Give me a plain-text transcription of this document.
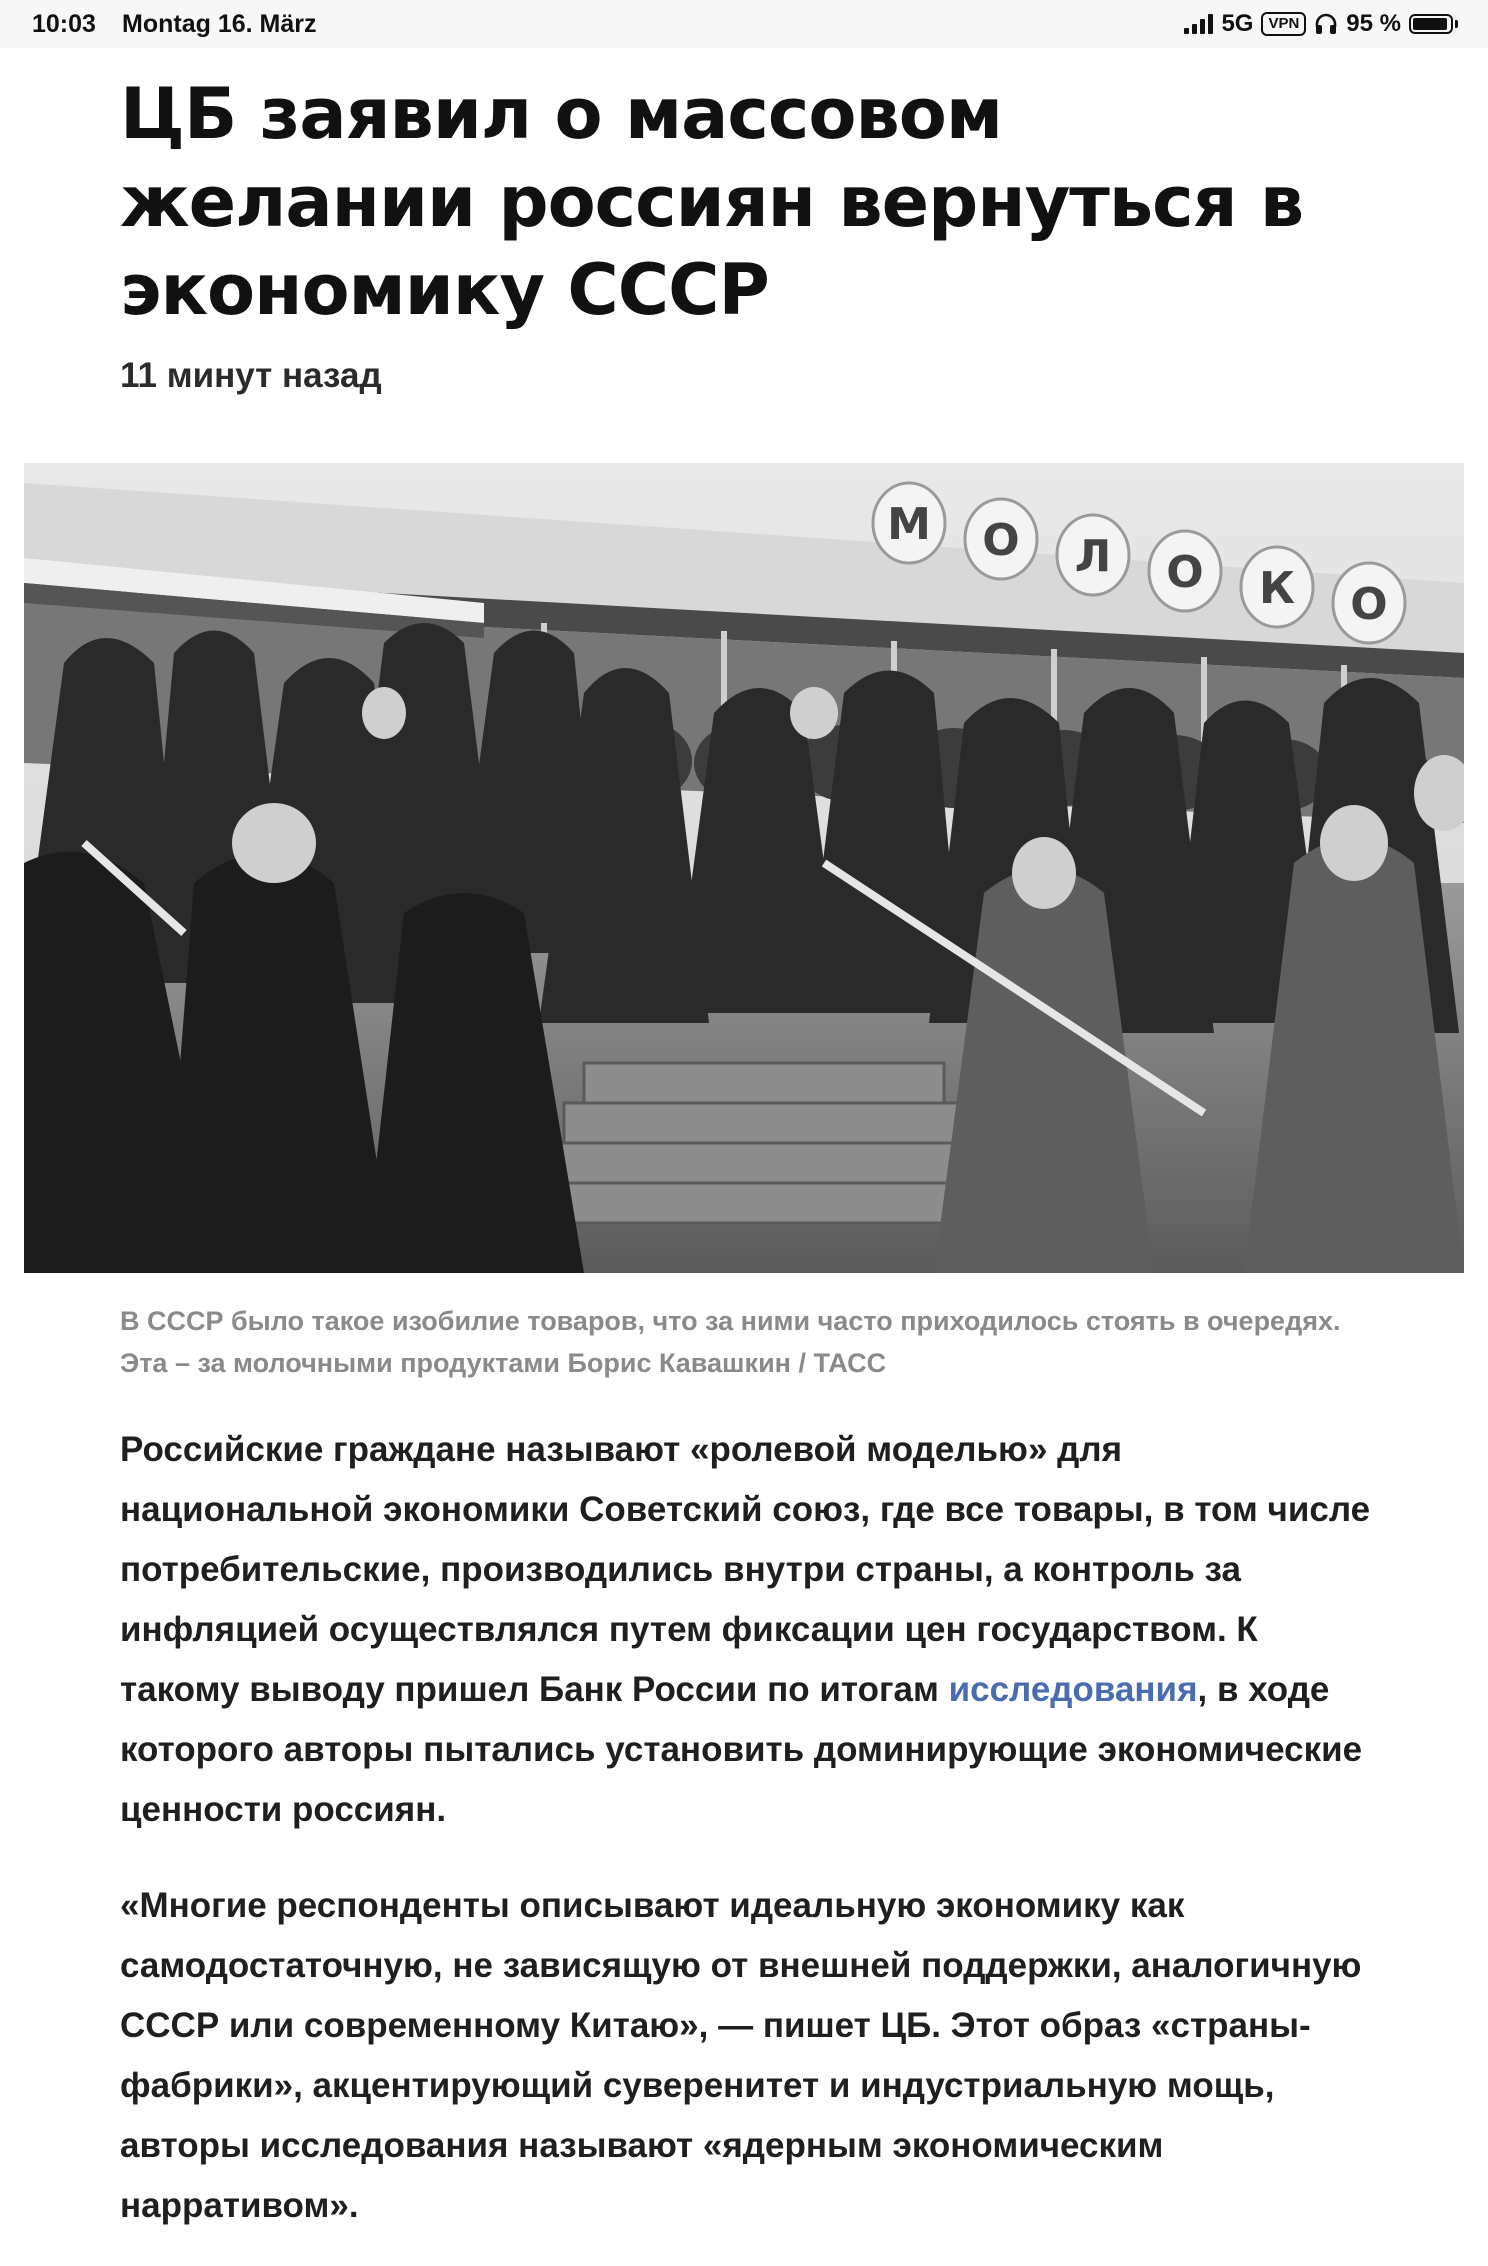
10:03 Montag 16. März	5G	VPN 95 %
ЦБ заявил о массовом желании россиян вернуться в экономику СССР
11 минут назад
М О Л О К О
В СССР было такое изобилие товаров, что за ними часто приходилось стоять в очередях. Эта – за молочными продуктами Борис Кавашкин / ТАСС

Российские граждане называют «ролевой моделью» для национальной экономики Советский союз, где все товары, в том числе потребительские, производились внутри страны, а контроль за инфляцией осуществлялся путем фиксации цен государством. К такому выводу пришел Банк России по итогам исследования, в ходе которого авторы пытались установить доминирующие экономические ценности россиян.

«Многие респонденты описывают идеальную экономику как самодостаточную, не зависящую от внешней поддержки, аналогичную СССР или современному Китаю», — пишет ЦБ. Этот образ «страны-фабрики», акцентирующий суверенитет и индустриальную мощь, авторы исследования называют «ядерным экономическим нарративом».
